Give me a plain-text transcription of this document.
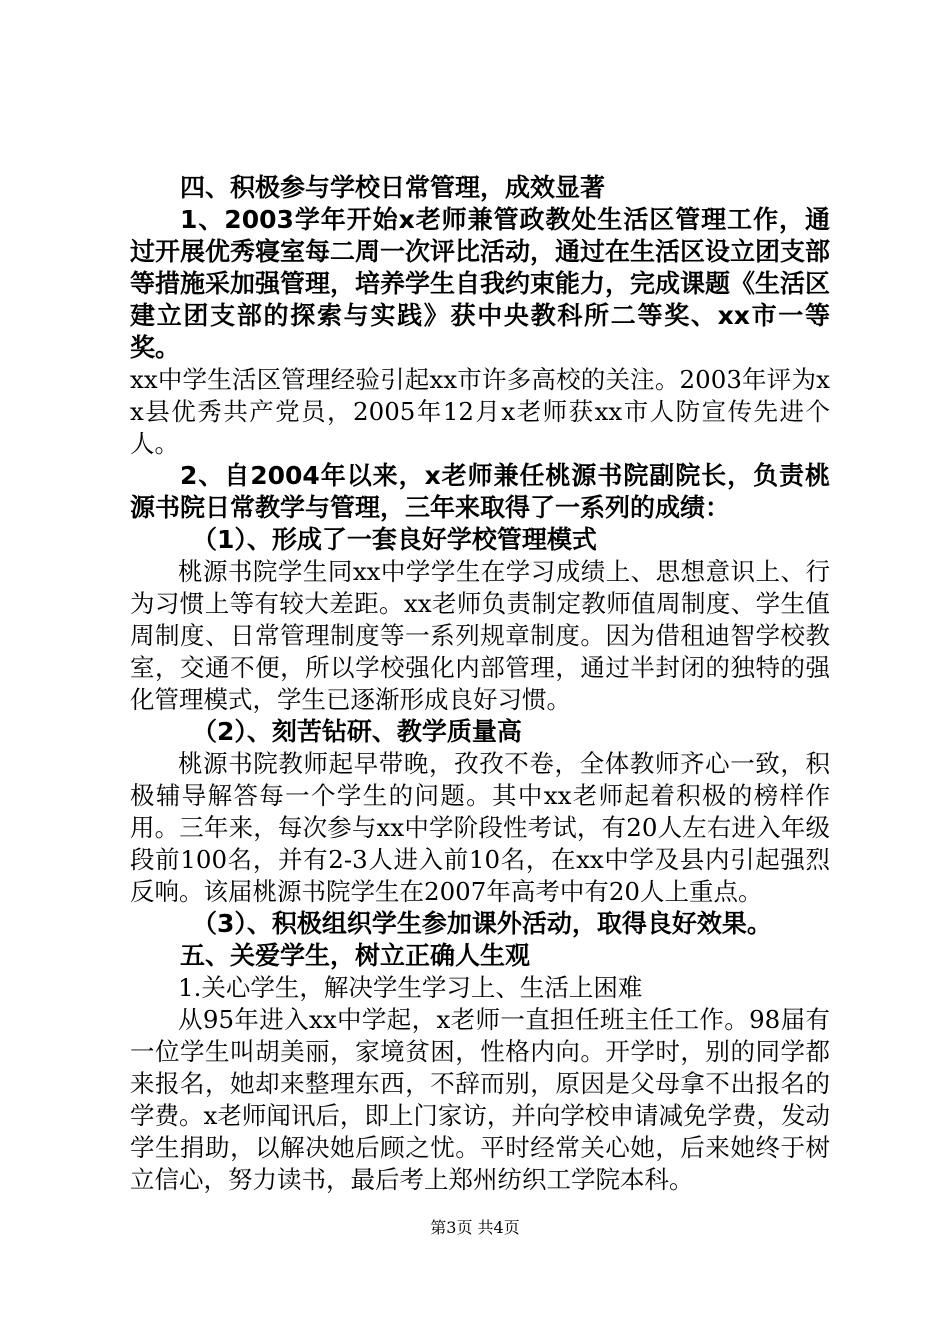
四、积极参与学校日常管理，成效显著

1、2003学年开始x老师兼管政教处生活区管理工作，通过开展优秀寝室每二周一次评比活动，通过在生活区设立团支部等措施采加强管理，培养学生自我约束能力，完成课题《生活区建立团支部的探索与实践》获中央教科所二等奖、xx市一等奖。

xx中学生活区管理经验引起xx市许多高校的关注。2003年评为xx县优秀共产党员，2005年12月x老师获xx市人防宣传先进个人。

2、自2004年以来，x老师兼任桃源书院副院长，负责桃源书院日常教学与管理，三年来取得了一系列的成绩：

（1）、形成了一套良好学校管理模式

桃源书院学生同xx中学学生在学习成绩上、思想意识上、行为习惯上等有较大差距。xx老师负责制定教师值周制度、学生值周制度、日常管理制度等一系列规章制度。因为借租迪智学校教室，交通不便，所以学校强化内部管理，通过半封闭的独特的强化管理模式，学生已逐渐形成良好习惯。

（2）、刻苦钻研、教学质量高

桃源书院教师起早带晚，孜孜不卷，全体教师齐心一致，积极辅导解答每一个学生的问题。其中xx老师起着积极的榜样作用。三年来，每次参与xx中学阶段性考试，有20人左右进入年级段前100名，并有2-3人进入前10名，在xx中学及县内引起强烈反响。该届桃源书院学生在2007年高考中有20人上重点。

（3）、积极组织学生参加课外活动，取得良好效果。

五、关爱学生，树立正确人生观

1.关心学生，解决学生学习上、生活上困难

从95年进入xx中学起，x老师一直担任班主任工作。98届有一位学生叫胡美丽，家境贫困，性格内向。开学时，别的同学都来报名，她却来整理东西，不辞而别，原因是父母拿不出报名的学费。x老师闻讯后，即上门家访，并向学校申请减免学费，发动学生捐助，以解决她后顾之忧。平时经常关心她，后来她终于树立信心，努力读书，最后考上郑州纺织工学院本科。

第3页 共4页
